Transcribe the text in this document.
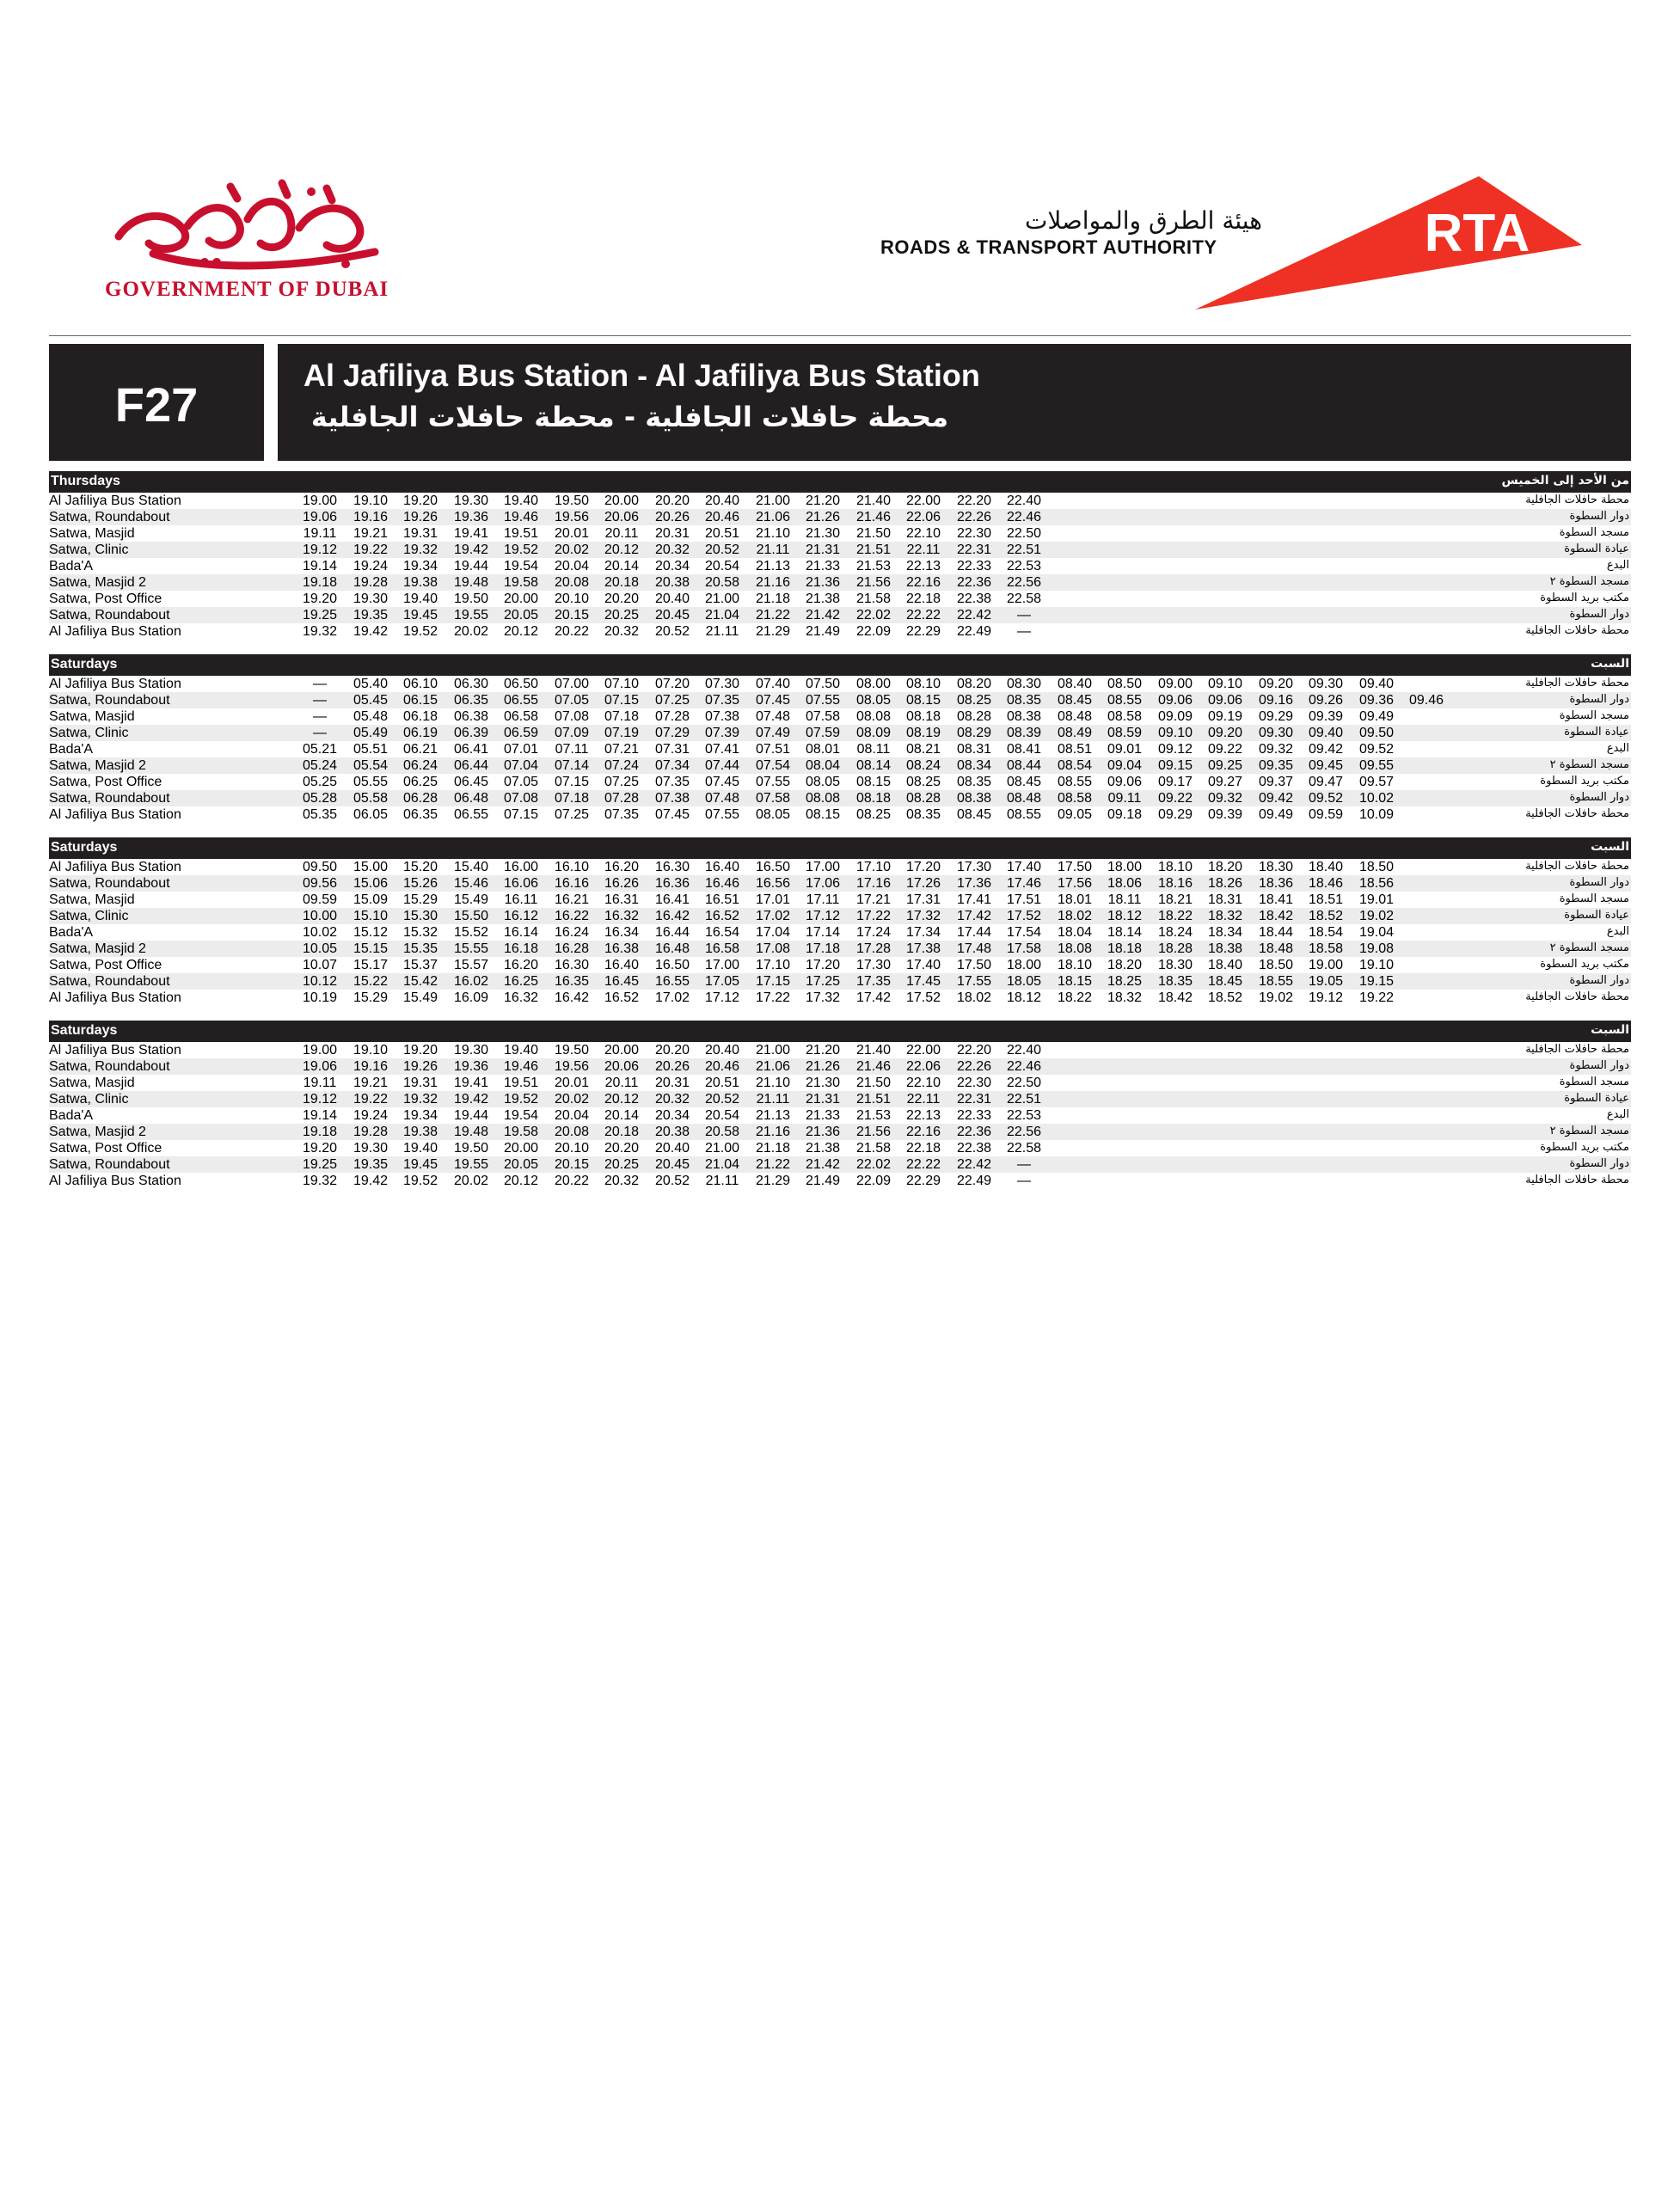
GOVERNMENT OF DUBAI
هيئة الطرق والمواصلات
ROADS & TRANSPORT AUTHORITY	RTA
F27
Al Jafiliya Bus Station - Al Jafiliya Bus Station
محطة حافلات الجافلية - محطة حافلات الجافلية
Thursdays	من الأحد إلى الخميس
Al Jafiliya Bus Station	19.00	19.10	19.20	19.30	19.40	19.50	20.00	20.20	20.40	21.00	21.20	21.40	22.00	22.20	22.40	محطة حافلات الجافلية
Satwa, Roundabout	19.06	19.16	19.26	19.36	19.46	19.56	20.06	20.26	20.46	21.06	21.26	21.46	22.06	22.26	22.46	دوار السطوة
Satwa, Masjid	19.11	19.21	19.31	19.41	19.51	20.01	20.11	20.31	20.51	21.10	21.30	21.50	22.10	22.30	22.50	مسجد السطوة
Satwa, Clinic	19.12	19.22	19.32	19.42	19.52	20.02	20.12	20.32	20.52	21.11	21.31	21.51	22.11	22.31	22.51	عيادة السطوة
Bada'A	19.14	19.24	19.34	19.44	19.54	20.04	20.14	20.34	20.54	21.13	21.33	21.53	22.13	22.33	22.53	البدع
Satwa, Masjid 2	19.18	19.28	19.38	19.48	19.58	20.08	20.18	20.38	20.58	21.16	21.36	21.56	22.16	22.36	22.56	مسجد السطوة ٢
Satwa, Post Office	19.20	19.30	19.40	19.50	20.00	20.10	20.20	20.40	21.00	21.18	21.38	21.58	22.18	22.38	22.58	مكتب بريد السطوة
Satwa, Roundabout	19.25	19.35	19.45	19.55	20.05	20.15	20.25	20.45	21.04	21.22	21.42	22.02	22.22	22.42	—	دوار السطوة
Al Jafiliya Bus Station	19.32	19.42	19.52	20.02	20.12	20.22	20.32	20.52	21.11	21.29	21.49	22.09	22.29	22.49	—	محطة حافلات الجافلية
Saturdays	السبت
Al Jafiliya Bus Station	—	05.40	06.10	06.30	06.50	07.00	07.10	07.20	07.30	07.40	07.50	08.00	08.10	08.20	08.30	08.40	08.50	09.00	09.10	09.20	09.30	09.40	محطة حافلات الجافلية
Satwa, Roundabout	—	05.45	06.15	06.35	06.55	07.05	07.15	07.25	07.35	07.45	07.55	08.05	08.15	08.25	08.35	08.45	08.55	09.06	09.06	09.16	09.26	09.36	09.46	دوار السطوة
Satwa, Masjid	—	05.48	06.18	06.38	06.58	07.08	07.18	07.28	07.38	07.48	07.58	08.08	08.18	08.28	08.38	08.48	08.58	09.09	09.19	09.29	09.39	09.49	مسجد السطوة
Satwa, Clinic	—	05.49	06.19	06.39	06.59	07.09	07.19	07.29	07.39	07.49	07.59	08.09	08.19	08.29	08.39	08.49	08.59	09.10	09.20	09.30	09.40	09.50	عيادة السطوة
Bada'A	05.21	05.51	06.21	06.41	07.01	07.11	07.21	07.31	07.41	07.51	08.01	08.11	08.21	08.31	08.41	08.51	09.01	09.12	09.22	09.32	09.42	09.52	البدع
Satwa, Masjid 2	05.24	05.54	06.24	06.44	07.04	07.14	07.24	07.34	07.44	07.54	08.04	08.14	08.24	08.34	08.44	08.54	09.04	09.15	09.25	09.35	09.45	09.55	مسجد السطوة ٢
Satwa, Post Office	05.25	05.55	06.25	06.45	07.05	07.15	07.25	07.35	07.45	07.55	08.05	08.15	08.25	08.35	08.45	08.55	09.06	09.17	09.27	09.37	09.47	09.57	مكتب بريد السطوة
Satwa, Roundabout	05.28	05.58	06.28	06.48	07.08	07.18	07.28	07.38	07.48	07.58	08.08	08.18	08.28	08.38	08.48	08.58	09.11	09.22	09.32	09.42	09.52	10.02	دوار السطوة
Al Jafiliya Bus Station	05.35	06.05	06.35	06.55	07.15	07.25	07.35	07.45	07.55	08.05	08.15	08.25	08.35	08.45	08.55	09.05	09.18	09.29	09.39	09.49	09.59	10.09	محطة حافلات الجافلية
Saturdays	السبت
Al Jafiliya Bus Station	09.50	15.00	15.20	15.40	16.00	16.10	16.20	16.30	16.40	16.50	17.00	17.10	17.20	17.30	17.40	17.50	18.00	18.10	18.20	18.30	18.40	18.50	محطة حافلات الجافلية
Satwa, Roundabout	09.56	15.06	15.26	15.46	16.06	16.16	16.26	16.36	16.46	16.56	17.06	17.16	17.26	17.36	17.46	17.56	18.06	18.16	18.26	18.36	18.46	18.56	دوار السطوة
Satwa, Masjid	09.59	15.09	15.29	15.49	16.11	16.21	16.31	16.41	16.51	17.01	17.11	17.21	17.31	17.41	17.51	18.01	18.11	18.21	18.31	18.41	18.51	19.01	مسجد السطوة
Satwa, Clinic	10.00	15.10	15.30	15.50	16.12	16.22	16.32	16.42	16.52	17.02	17.12	17.22	17.32	17.42	17.52	18.02	18.12	18.22	18.32	18.42	18.52	19.02	عيادة السطوة
Bada'A	10.02	15.12	15.32	15.52	16.14	16.24	16.34	16.44	16.54	17.04	17.14	17.24	17.34	17.44	17.54	18.04	18.14	18.24	18.34	18.44	18.54	19.04	البدع
Satwa, Masjid 2	10.05	15.15	15.35	15.55	16.18	16.28	16.38	16.48	16.58	17.08	17.18	17.28	17.38	17.48	17.58	18.08	18.18	18.28	18.38	18.48	18.58	19.08	مسجد السطوة ٢
Satwa, Post Office	10.07	15.17	15.37	15.57	16.20	16.30	16.40	16.50	17.00	17.10	17.20	17.30	17.40	17.50	18.00	18.10	18.20	18.30	18.40	18.50	19.00	19.10	مكتب بريد السطوة
Satwa, Roundabout	10.12	15.22	15.42	16.02	16.25	16.35	16.45	16.55	17.05	17.15	17.25	17.35	17.45	17.55	18.05	18.15	18.25	18.35	18.45	18.55	19.05	19.15	دوار السطوة
Al Jafiliya Bus Station	10.19	15.29	15.49	16.09	16.32	16.42	16.52	17.02	17.12	17.22	17.32	17.42	17.52	18.02	18.12	18.22	18.32	18.42	18.52	19.02	19.12	19.22	محطة حافلات الجافلية
Saturdays	السبت
Al Jafiliya Bus Station	19.00	19.10	19.20	19.30	19.40	19.50	20.00	20.20	20.40	21.00	21.20	21.40	22.00	22.20	22.40	محطة حافلات الجافلية
Satwa, Roundabout	19.06	19.16	19.26	19.36	19.46	19.56	20.06	20.26	20.46	21.06	21.26	21.46	22.06	22.26	22.46	دوار السطوة
Satwa, Masjid	19.11	19.21	19.31	19.41	19.51	20.01	20.11	20.31	20.51	21.10	21.30	21.50	22.10	22.30	22.50	مسجد السطوة
Satwa, Clinic	19.12	19.22	19.32	19.42	19.52	20.02	20.12	20.32	20.52	21.11	21.31	21.51	22.11	22.31	22.51	عيادة السطوة
Bada'A	19.14	19.24	19.34	19.44	19.54	20.04	20.14	20.34	20.54	21.13	21.33	21.53	22.13	22.33	22.53	البدع
Satwa, Masjid 2	19.18	19.28	19.38	19.48	19.58	20.08	20.18	20.38	20.58	21.16	21.36	21.56	22.16	22.36	22.56	مسجد السطوة ٢
Satwa, Post Office	19.20	19.30	19.40	19.50	20.00	20.10	20.20	20.40	21.00	21.18	21.38	21.58	22.18	22.38	22.58	مكتب بريد السطوة
Satwa, Roundabout	19.25	19.35	19.45	19.55	20.05	20.15	20.25	20.45	21.04	21.22	21.42	22.02	22.22	22.42	—	دوار السطوة
Al Jafiliya Bus Station	19.32	19.42	19.52	20.02	20.12	20.22	20.32	20.52	21.11	21.29	21.49	22.09	22.29	22.49	—	محطة حافلات الجافلية
